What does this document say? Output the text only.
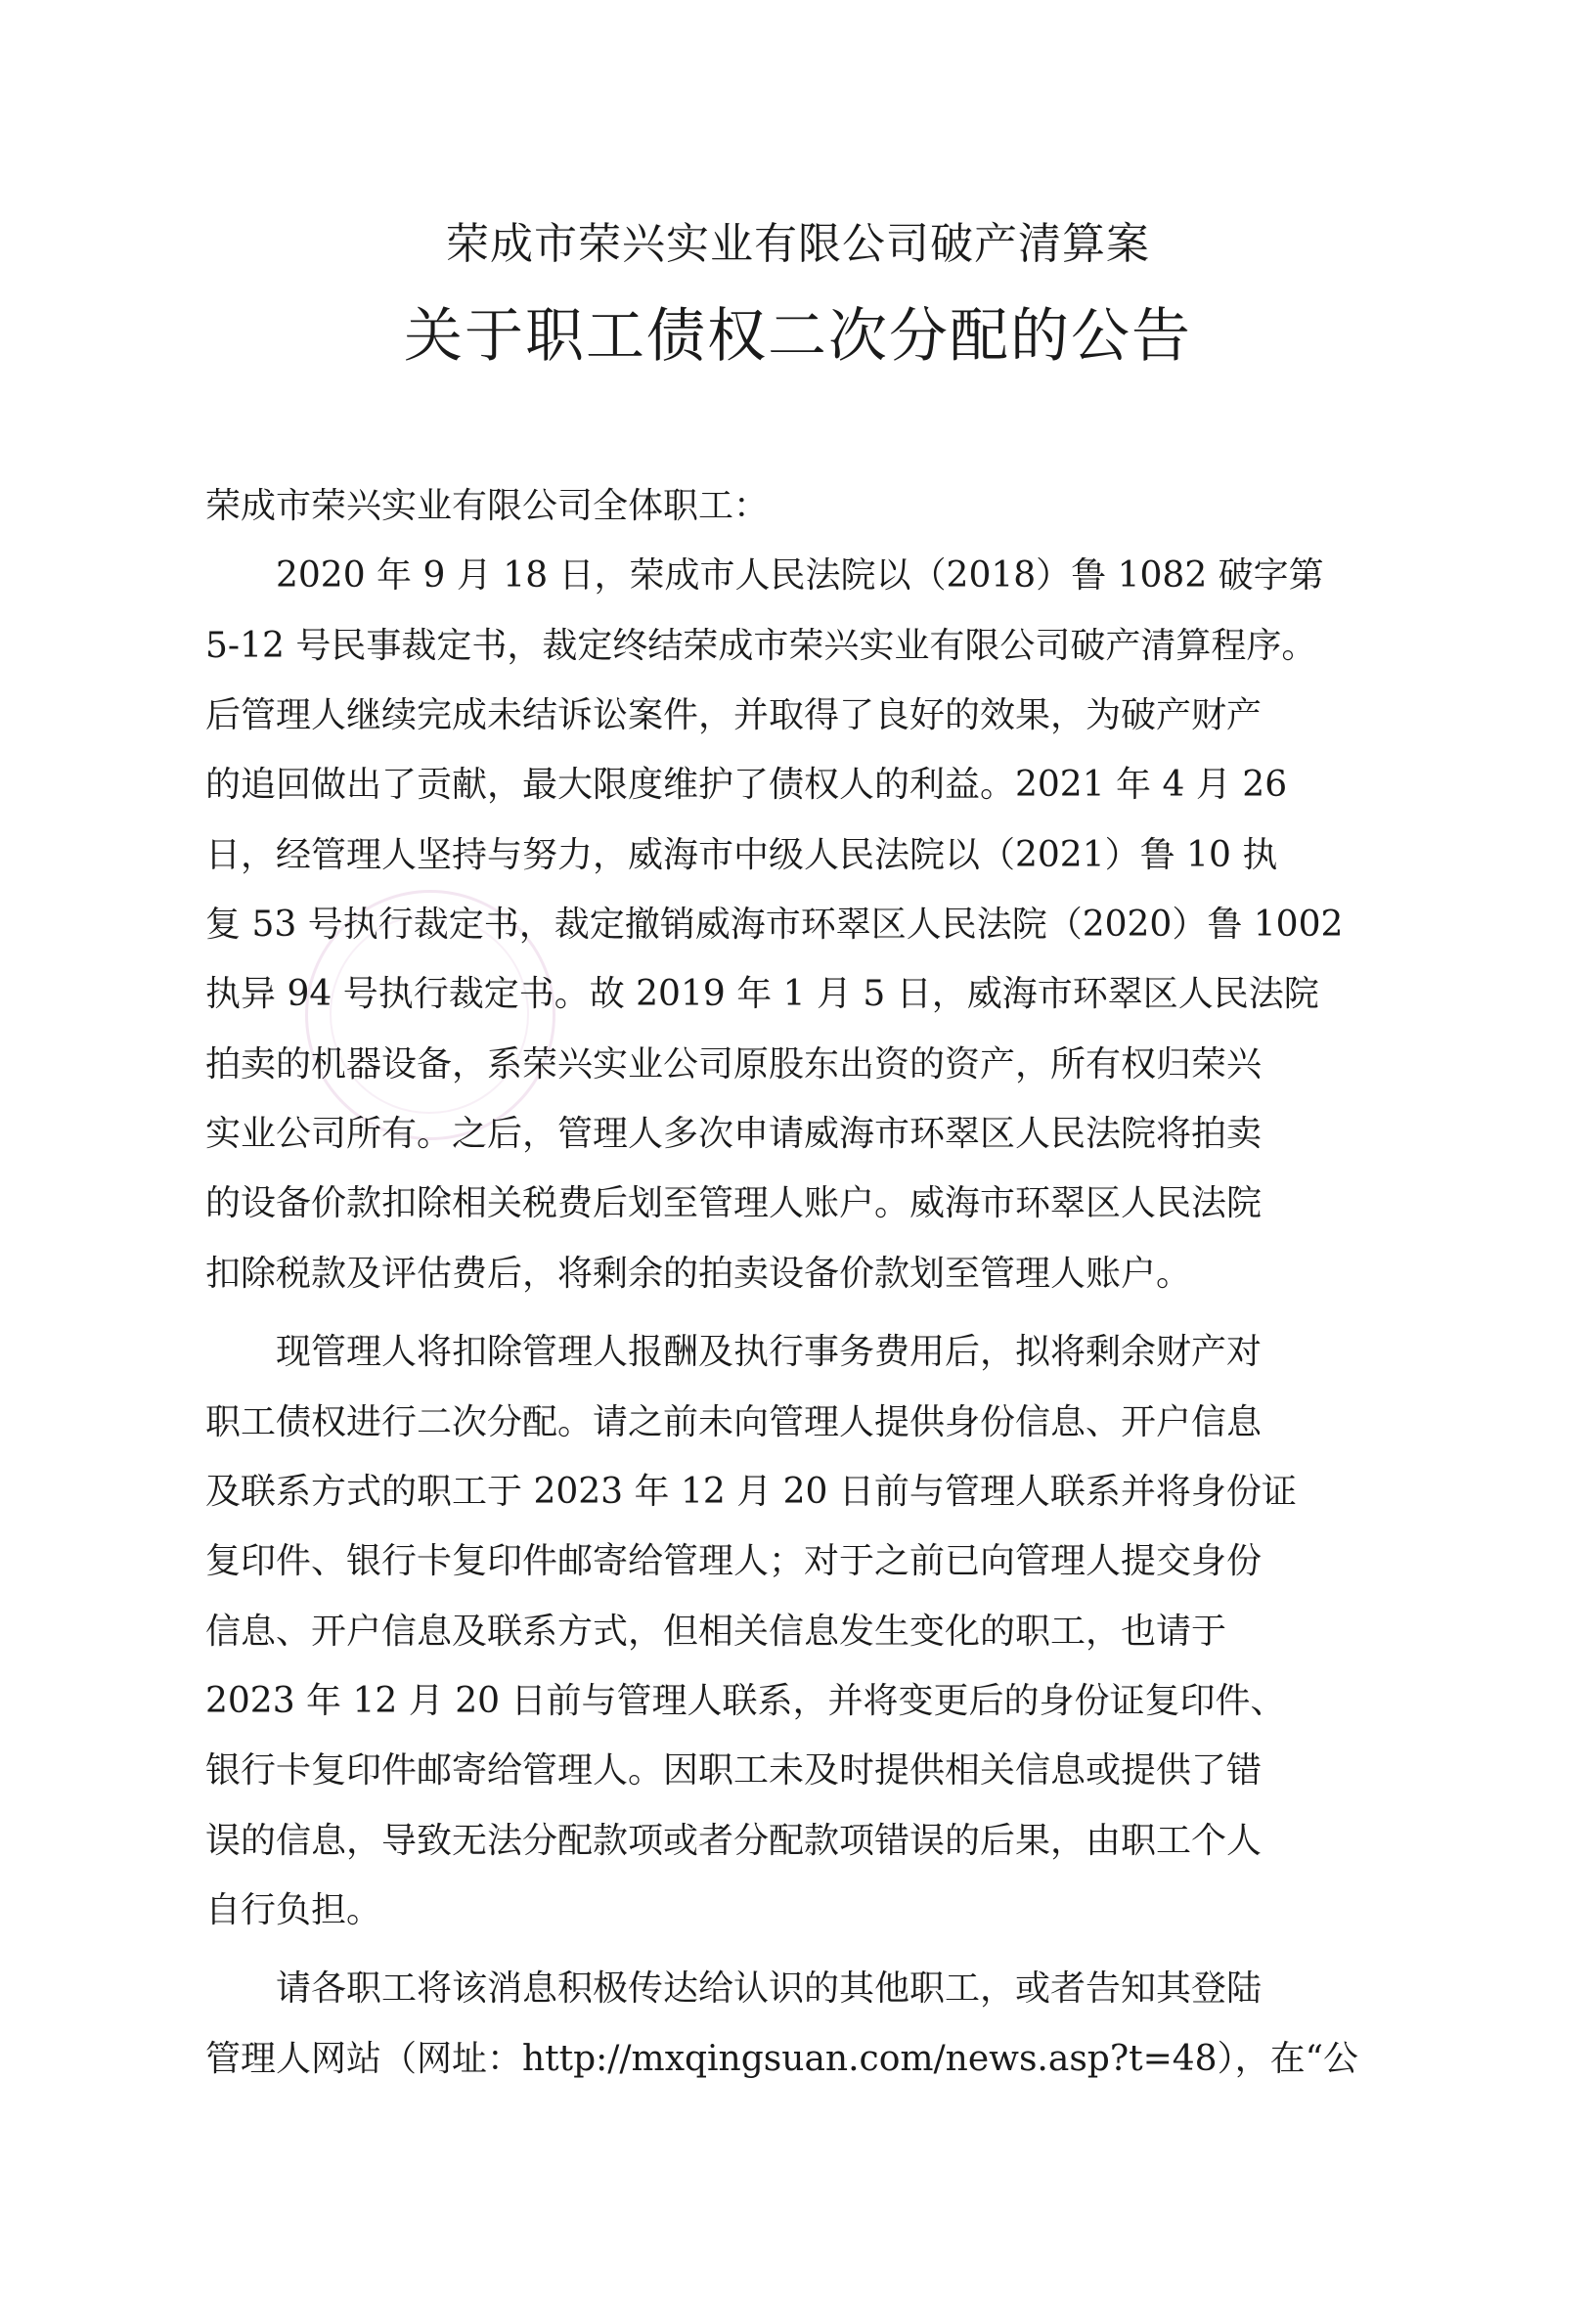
荣成市荣兴实业有限公司破产清算案
关于职工债权二次分配的公告
荣成市荣兴实业有限公司全体职工：
2020 年 9 月 18 日，荣成市人民法院以（2018）鲁 1082 破字第
5-12 号民事裁定书，裁定终结荣成市荣兴实业有限公司破产清算程序。
后管理人继续完成未结诉讼案件，并取得了良好的效果，为破产财产
的追回做出了贡献，最大限度维护了债权人的利益。2021 年 4 月 26
日，经管理人坚持与努力，威海市中级人民法院以（2021）鲁 10 执
复 53 号执行裁定书，裁定撤销威海市环翠区人民法院（2020）鲁 1002
执异 94 号执行裁定书。故 2019 年 1 月 5 日，威海市环翠区人民法院
拍卖的机器设备，系荣兴实业公司原股东出资的资产，所有权归荣兴
实业公司所有。之后，管理人多次申请威海市环翠区人民法院将拍卖
的设备价款扣除相关税费后划至管理人账户。威海市环翠区人民法院
扣除税款及评估费后，将剩余的拍卖设备价款划至管理人账户。
现管理人将扣除管理人报酬及执行事务费用后，拟将剩余财产对
职工债权进行二次分配。请之前未向管理人提供身份信息、开户信息
及联系方式的职工于 2023 年 12 月 20 日前与管理人联系并将身份证
复印件、银行卡复印件邮寄给管理人；对于之前已向管理人提交身份
信息、开户信息及联系方式，但相关信息发生变化的职工，也请于
2023 年 12 月 20 日前与管理人联系，并将变更后的身份证复印件、
银行卡复印件邮寄给管理人。因职工未及时提供相关信息或提供了错
误的信息，导致无法分配款项或者分配款项错误的后果，由职工个人
自行负担。
请各职工将该消息积极传达给认识的其他职工，或者告知其登陆
管理人网站（网址：http://mxqingsuan.com/news.asp?t=48），在“公
